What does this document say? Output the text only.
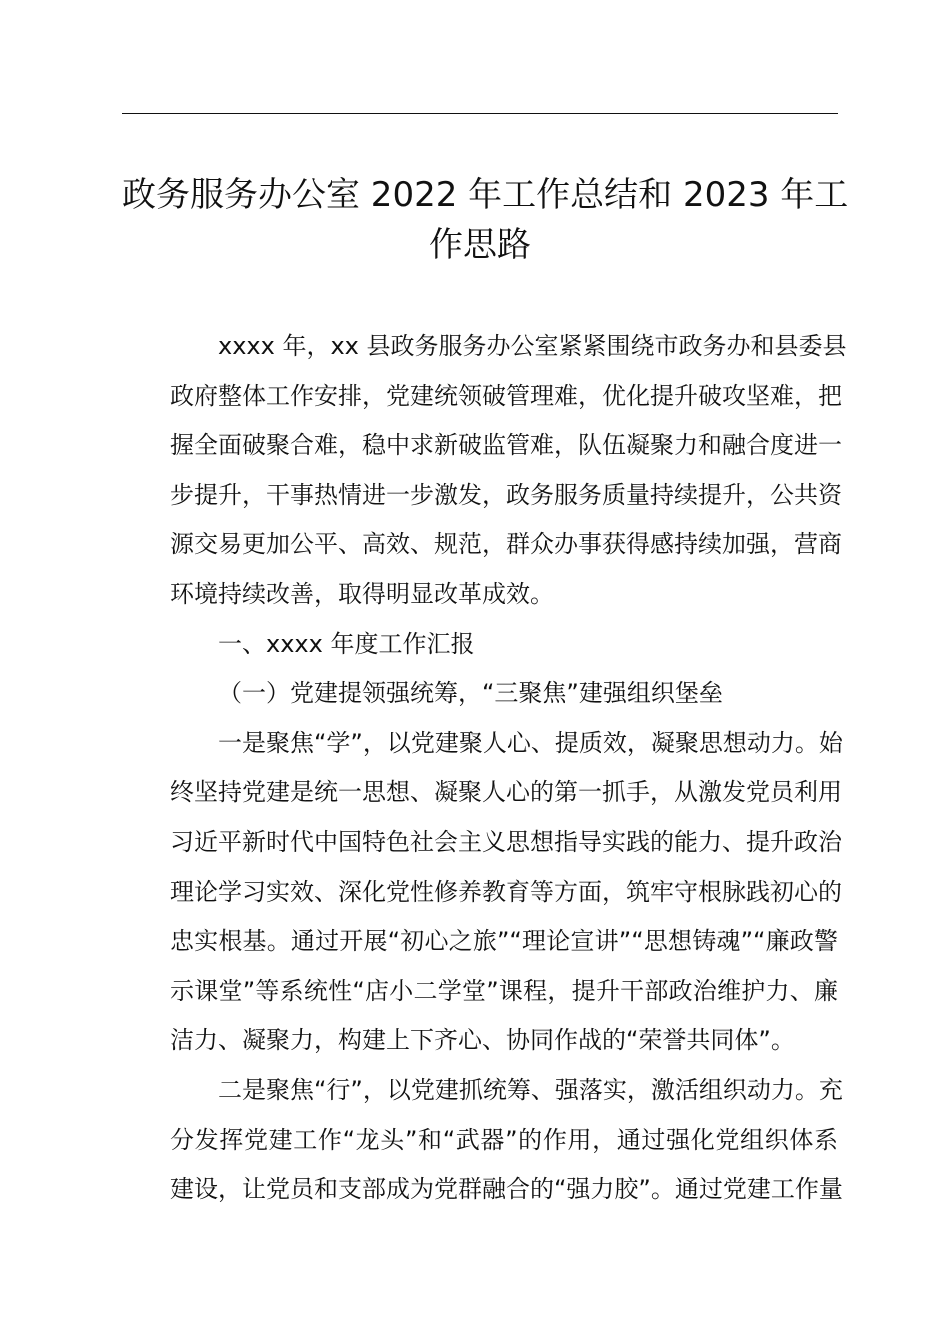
政务服务办公室 2022 年工作总结和 2023 年工
作思路
xxxx 年，xx 县政务服务办公室紧紧围绕市政务办和县委县
政府整体工作安排，党建统领破管理难，优化提升破攻坚难，把
握全面破聚合难，稳中求新破监管难，队伍凝聚力和融合度进一
步提升，干事热情进一步激发，政务服务质量持续提升，公共资
源交易更加公平、高效、规范，群众办事获得感持续加强，营商
环境持续改善，取得明显改革成效。
一、xxxx 年度工作汇报
（一）党建提领强统筹，“三聚焦”建强组织堡垒
一是聚焦“学”，以党建聚人心、提质效，凝聚思想动力。始
终坚持党建是统一思想、凝聚人心的第一抓手，从激发党员利用
习近平新时代中国特色社会主义思想指导实践的能力、提升政治
理论学习实效、深化党性修养教育等方面，筑牢守根脉践初心的
忠实根基。通过开展“初心之旅”“理论宣讲”“思想铸魂”“廉政警
示课堂”等系统性“店小二学堂”课程，提升干部政治维护力、廉
洁力、凝聚力，构建上下齐心、协同作战的“荣誉共同体”。
二是聚焦“行”，以党建抓统筹、强落实，激活组织动力。充
分发挥党建工作“龙头”和“武器”的作用，通过强化党组织体系
建设，让党员和支部成为党群融合的“强力胶”。通过党建工作量
